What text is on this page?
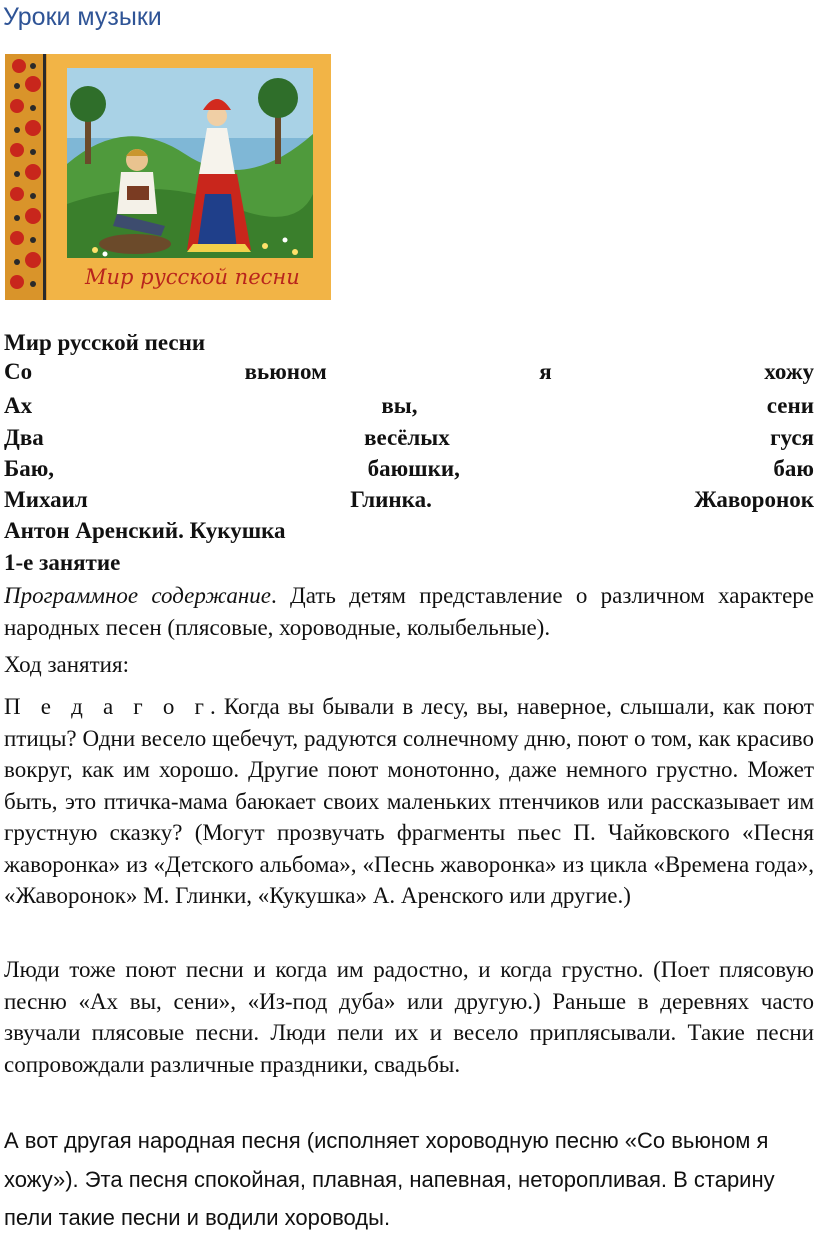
Уроки музыки
Мир русской песни
Мир русской песни
Со	вьюном	я	хожу
Ах	вы,	сени
Два	весёлых	гуся
Баю,	баюшки,	баю
Михаил	Глинка.	Жаворонок
Антон Аренский. Кукушка
1-е занятие
Программное содержание. Дать детям представление о различном характере народных песен (плясовые, хороводные, колыбельные).
Ход занятия:
П е д а г о г. Когда вы бывали в лесу, вы, наверное, слышали, как поют птицы? Одни весело щебечут, радуются солнечному дню, поют о том, как красиво вокруг, как им хорошо. Другие поют монотонно, даже немного грустно. Может быть, это птичка-мама баюкает своих маленьких птенчиков или рассказывает им грустную сказку? (Могут прозвучать фрагменты пьес П. Чайковского «Песня жаворонка» из «Детского альбома», «Песнь жаворонка» из цикла «Времена года», «Жаворонок» М. Глинки, «Кукушка» А. Аренского или другие.)
Люди тоже поют песни и когда им радостно, и когда грустно. (Поет плясовую песню «Ах вы, сени», «Из-под дуба» или другую.) Раньше в деревнях часто звучали плясовые песни. Люди пели их и весело приплясывали. Такие песни сопровождали различные праздники, свадьбы.
А вот другая народная песня (исполняет хороводную песню «Со вьюном я хожу»). Эта песня спокойная, плавная, напевная, неторопливая. В старину пели такие песни и водили хороводы.
